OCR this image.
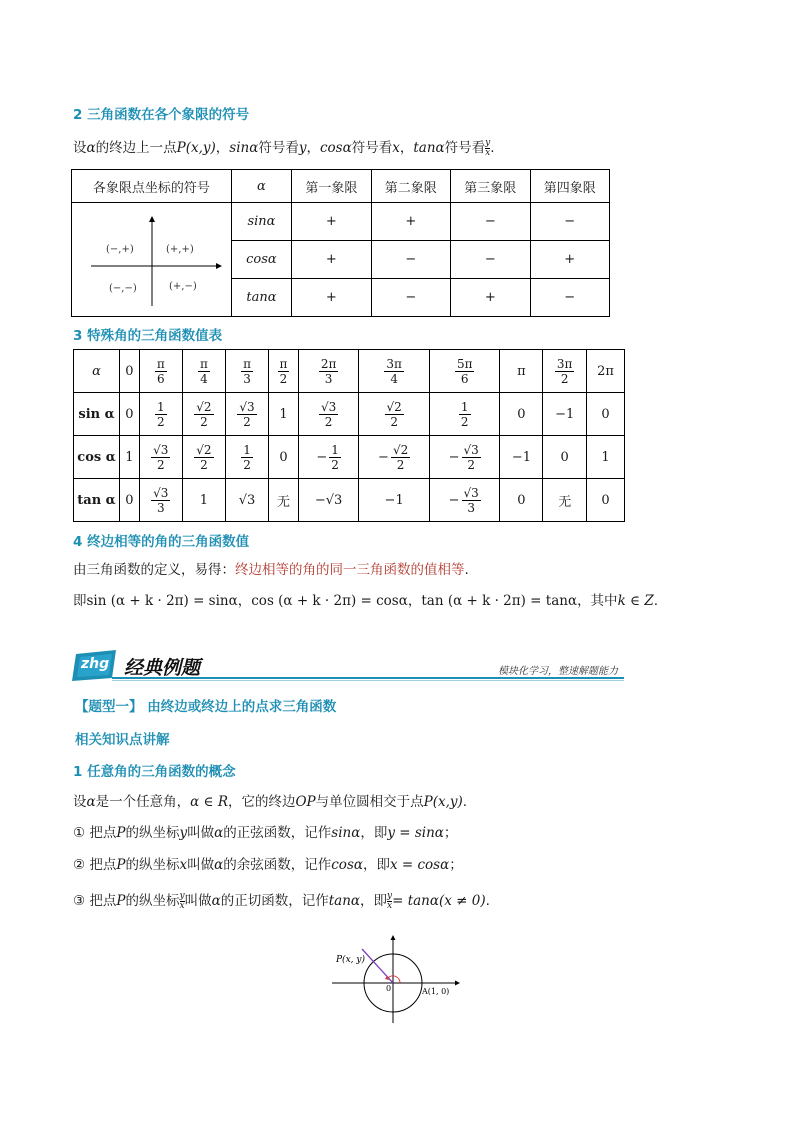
2 三角函数在各个象限的符号
设α的终边上一点P(x,y)，sinα符号看y，cosα符号看x，tanα符号看 $\frac{y}{x}$ .
各象限点坐标的符号	α	第一象限	第二象限	第三象限	第四象限

(−,+) (+,+)
(−,−) (+,−)	sinα	+	+	−	−
	cosα	+	−	−	+
	tanα	+	−	+	−
3 特殊角的三角函数值表
α	0	$\frac{\pi}{6}$	$\frac{\pi}{4}$	$\frac{\pi}{3}$	$\frac{\pi}{2}$	$\frac{2\pi}{3}$	$\frac{3\pi}{4}$	$\frac{5\pi}{6}$	π	$\frac{3\pi}{2}$	2π
sin α	0	$\frac{1}{2}$	$\frac{√2}{2}$	$\frac{√3}{2}$	1	$\frac{√3}{2}$	$\frac{√2}{2}$	$\frac{1}{2}$	0	−1	0
cos α	1	$\frac{√3}{2}$	$\frac{√2}{2}$	$\frac{1}{2}$	0	− $\frac{1}{2}$	− $\frac{√2}{2}$	− $\frac{√3}{2}$	−1	0	1
tan α	0	$\frac{√3}{3}$	1	√3	无	−√3	−1	− $\frac{√3}{3}$	0	无	0
4 终边相等的角的三角函数值
由三角函数的定义，易得：终边相等的角的同一三角函数的值相等.
即sin (α + k · 2π) = sinα，cos (α + k · 2π) = cosα，tan (α + k · 2π) = tanα，其中k ∈ Z.
zhg 经典例题	模块化学习，整速解题能力
【题型一】 由终边或终边上的点求三角函数
相关知识点讲解
1 任意角的三角函数的概念
设α是一个任意角，α ∈ R，它的终边OP与单位圆相交于点P(x,y).
① 把点P的纵坐标y叫做α的正弦函数，记作sinα，即y = sinα；
② 把点P的纵坐标x叫做α的余弦函数，记作cosα，即x = cosα；
③ 把点P的纵坐标 $\frac{y}{x}$ 叫做α的正切函数，记作tanα，即 $\frac{y}{x} = \tan\alpha(x \ne 0)$.
P(x, y)
0	A(1, 0)
